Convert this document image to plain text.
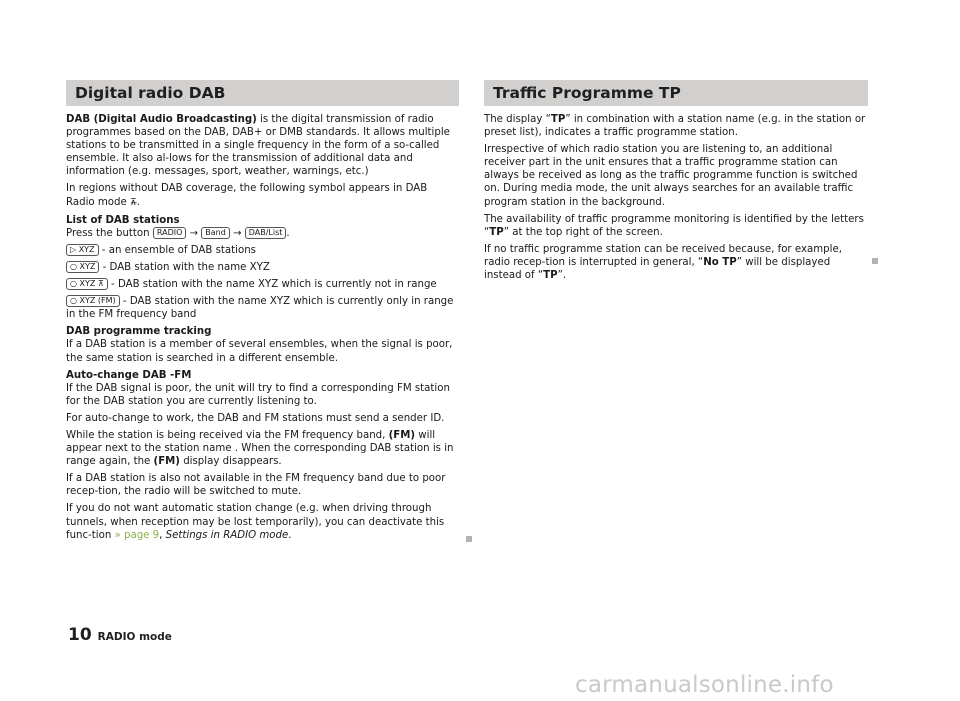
Digital radio DAB

DAB (Digital Audio Broadcasting) is the digital transmission of radio programmes based on the DAB, DAB+ or DMB standards. It allows multiple stations to be transmitted in a single frequency in the form of a so-called ensemble. It also al-lows for the transmission of additional data and information (e.g. messages, sport, weather, warnings, etc.)

In regions without DAB coverage, the following symbol appears in DAB Radio mode ⊼̶.

List of DAB stations

Press the button RADIO → Band → DAB/List .

▷ XYZ - an ensemble of DAB stations

○ XYZ - DAB station with the name XYZ

○ XYZ ⊼ - DAB station with the name XYZ which is currently not in range

○ XYZ (FM) - DAB station with the name XYZ which is currently only in range in the FM frequency band

DAB programme tracking

If a DAB station is a member of several ensembles, when the signal is poor, the same station is searched in a different ensemble.

Auto-change DAB -FM

If the DAB signal is poor, the unit will try to find a corresponding FM station for the DAB station you are currently listening to.

For auto-change to work, the DAB and FM stations must send a sender ID.

While the station is being received via the FM frequency band, (FM) will appear next to the station name . When the corresponding DAB station is in range again, the (FM) display disappears.

If a DAB station is also not available in the FM frequency band due to poor recep-tion, the radio will be switched to mute.

If you do not want automatic station change (e.g. when driving through tunnels, when reception may be lost temporarily), you can deactivate this func-tion » page 9, Settings in RADIO mode.

Traffic Programme TP

The display “TP” in combination with a station name (e.g. in the station or preset list), indicates a traffic programme station.

Irrespective of which radio station you are listening to, an additional receiver part in the unit ensures that a traffic programme station can always be received as long as the traffic programme function is switched on. During media mode, the unit always searches for an available traffic program station in the background.

The availability of traffic programme monitoring is identified by the letters “TP” at the top right of the screen.

If no traffic programme station can be received because, for example, radio recep-tion is interrupted in general, “No TP” will be displayed instead of “TP”.

10 RADIO mode
carmanualsonline.info
